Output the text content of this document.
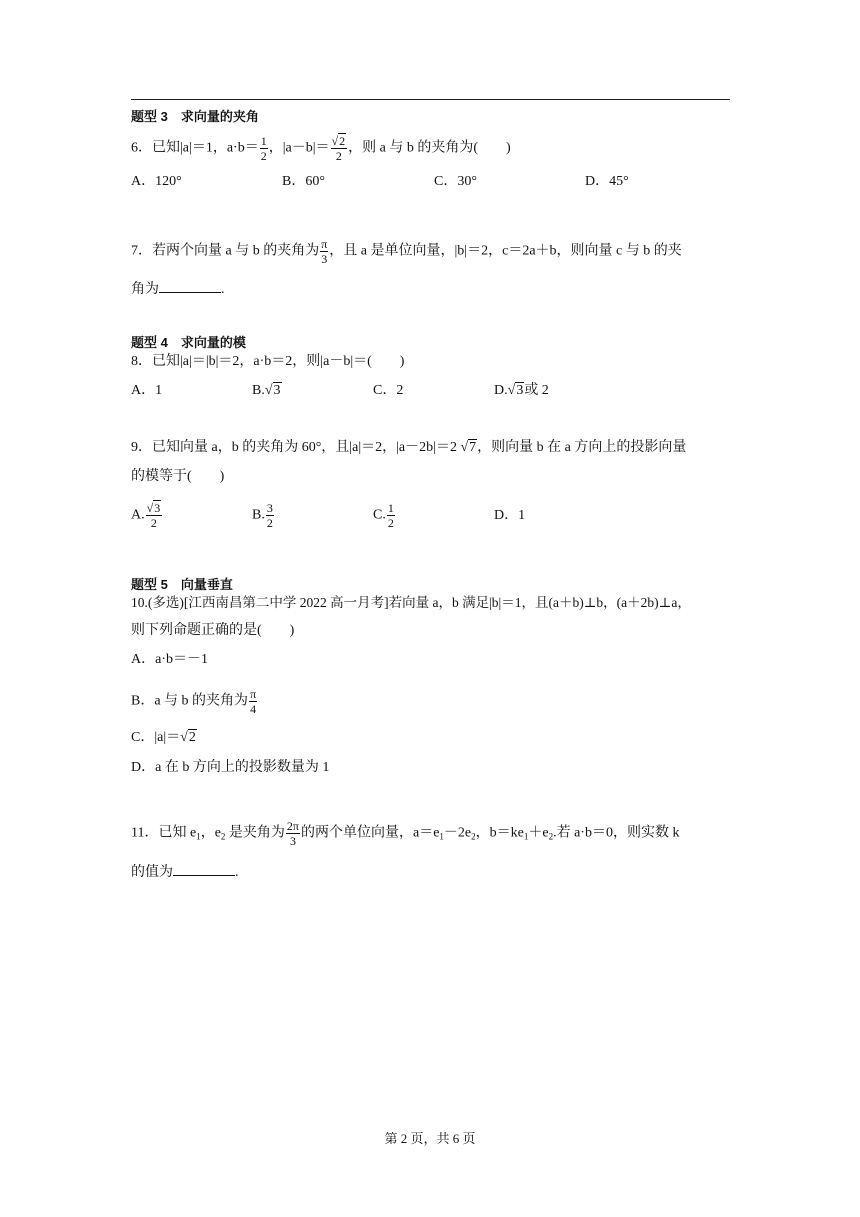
题型 3　求向量的夹角
6．已知|a|＝1，$a\cdot b= \frac{1}{2}$ ，$|a-b|= \frac{√2}{2}$ ，则 a 与 b 的夹角为(　　)
A．120°	B．60°	C．30°	D．45°
7．若两个向量 a 与 b 的夹角为 $\frac{\pi}{3}$ ，且 a 是单位向量，|b|＝2，c＝2a＋b，则向量 c 与 b 的夹
角为	.
题型 4　求向量的模
8．已知|a|＝|b|＝2，a·b＝2，则|a－b|＝(　　)
A．1	B.√3	C．2	D.√3或 2
9．已知向量 a，b 的夹角为 60°，且|a|＝2，|a－2b|＝2 √7，则向量 b 在 a 方向上的投影向量
的模等于(　　)
A. $\frac{√3}{2}$	B. $\frac{3}{2}$	C. $\frac{1}{2}$	D．1
题型 5　向量垂直
10.(多选)[江西南昌第二中学 2022 高一月考]若向量 a，b 满足|b|＝1，且(a＋b)⊥b，(a＋2b)⊥a，
则下列命题正确的是(　　)
A．a·b＝－1
B．a 与 b 的夹角为 $\frac{\pi}{4}$
C．|a|＝√2
D．a 在 b 方向上的投影数量为 1
11．已知 $e_1$，$e_2$ 是夹角为 $\frac{2\pi}{3}$ 的两个单位向量，$a=e_1-2e_2$，$b=ke_1+e_2$.若 a·b＝0，则实数 k
的值为	.
第 2 页，共 6 页
